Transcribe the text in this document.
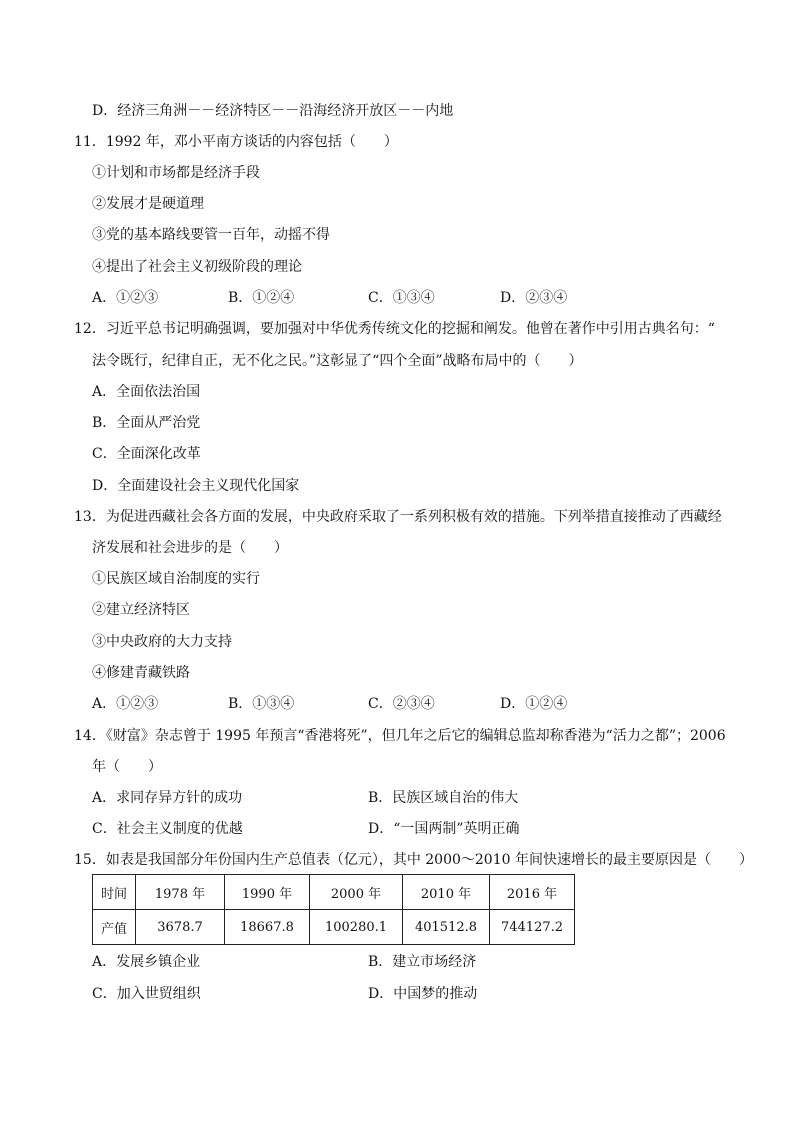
D．经济三角洲－－经济特区－－沿海经济开放区－－内地
11．1992 年，邓小平南方谈话的内容包括（　　）
①计划和市场都是经济手段
②发展才是硬道理
③党的基本路线要管一百年，动摇不得
④提出了社会主义初级阶段的理论
A．①②③	B．①②④	C．①③④	D．②③④
12．习近平总书记明确强调，要加强对中华优秀传统文化的挖掘和阐发。他曾在著作中引用古典名句：“
法令既行，纪律自正，无不化之民。”这彰显了“四个全面”战略布局中的（　　）
A．全面依法治国
B．全面从严治党
C．全面深化改革
D．全面建设社会主义现代化国家
13．为促进西藏社会各方面的发展，中央政府采取了一系列积极有效的措施。下列举措直接推动了西藏经
济发展和社会进步的是（　　）
①民族区域自治制度的实行
②建立经济特区
③中央政府的大力支持
④修建青藏铁路
A．①②③	B．①③④	C．②③④	D．①②④
14．《财富》杂志曾于 1995 年预言“香港将死”，但几年之后它的编辑总监却称香港为“活力之都”；2006
年（　　）
A．求同存异方针的成功	B．民族区域自治的伟大
C．社会主义制度的优越	D．“一国两制”英明正确
15．如表是我国部分年份国内生产总值表（亿元），其中 2000～2010 年间快速增长的最主要原因是（　　）
时间	1978 年	1990 年	2000 年	2010 年	2016 年
产值	3678.7	18667.8	100280.1	401512.8	744127.2
A．发展乡镇企业	B．建立市场经济
C．加入世贸组织	D．中国梦的推动
